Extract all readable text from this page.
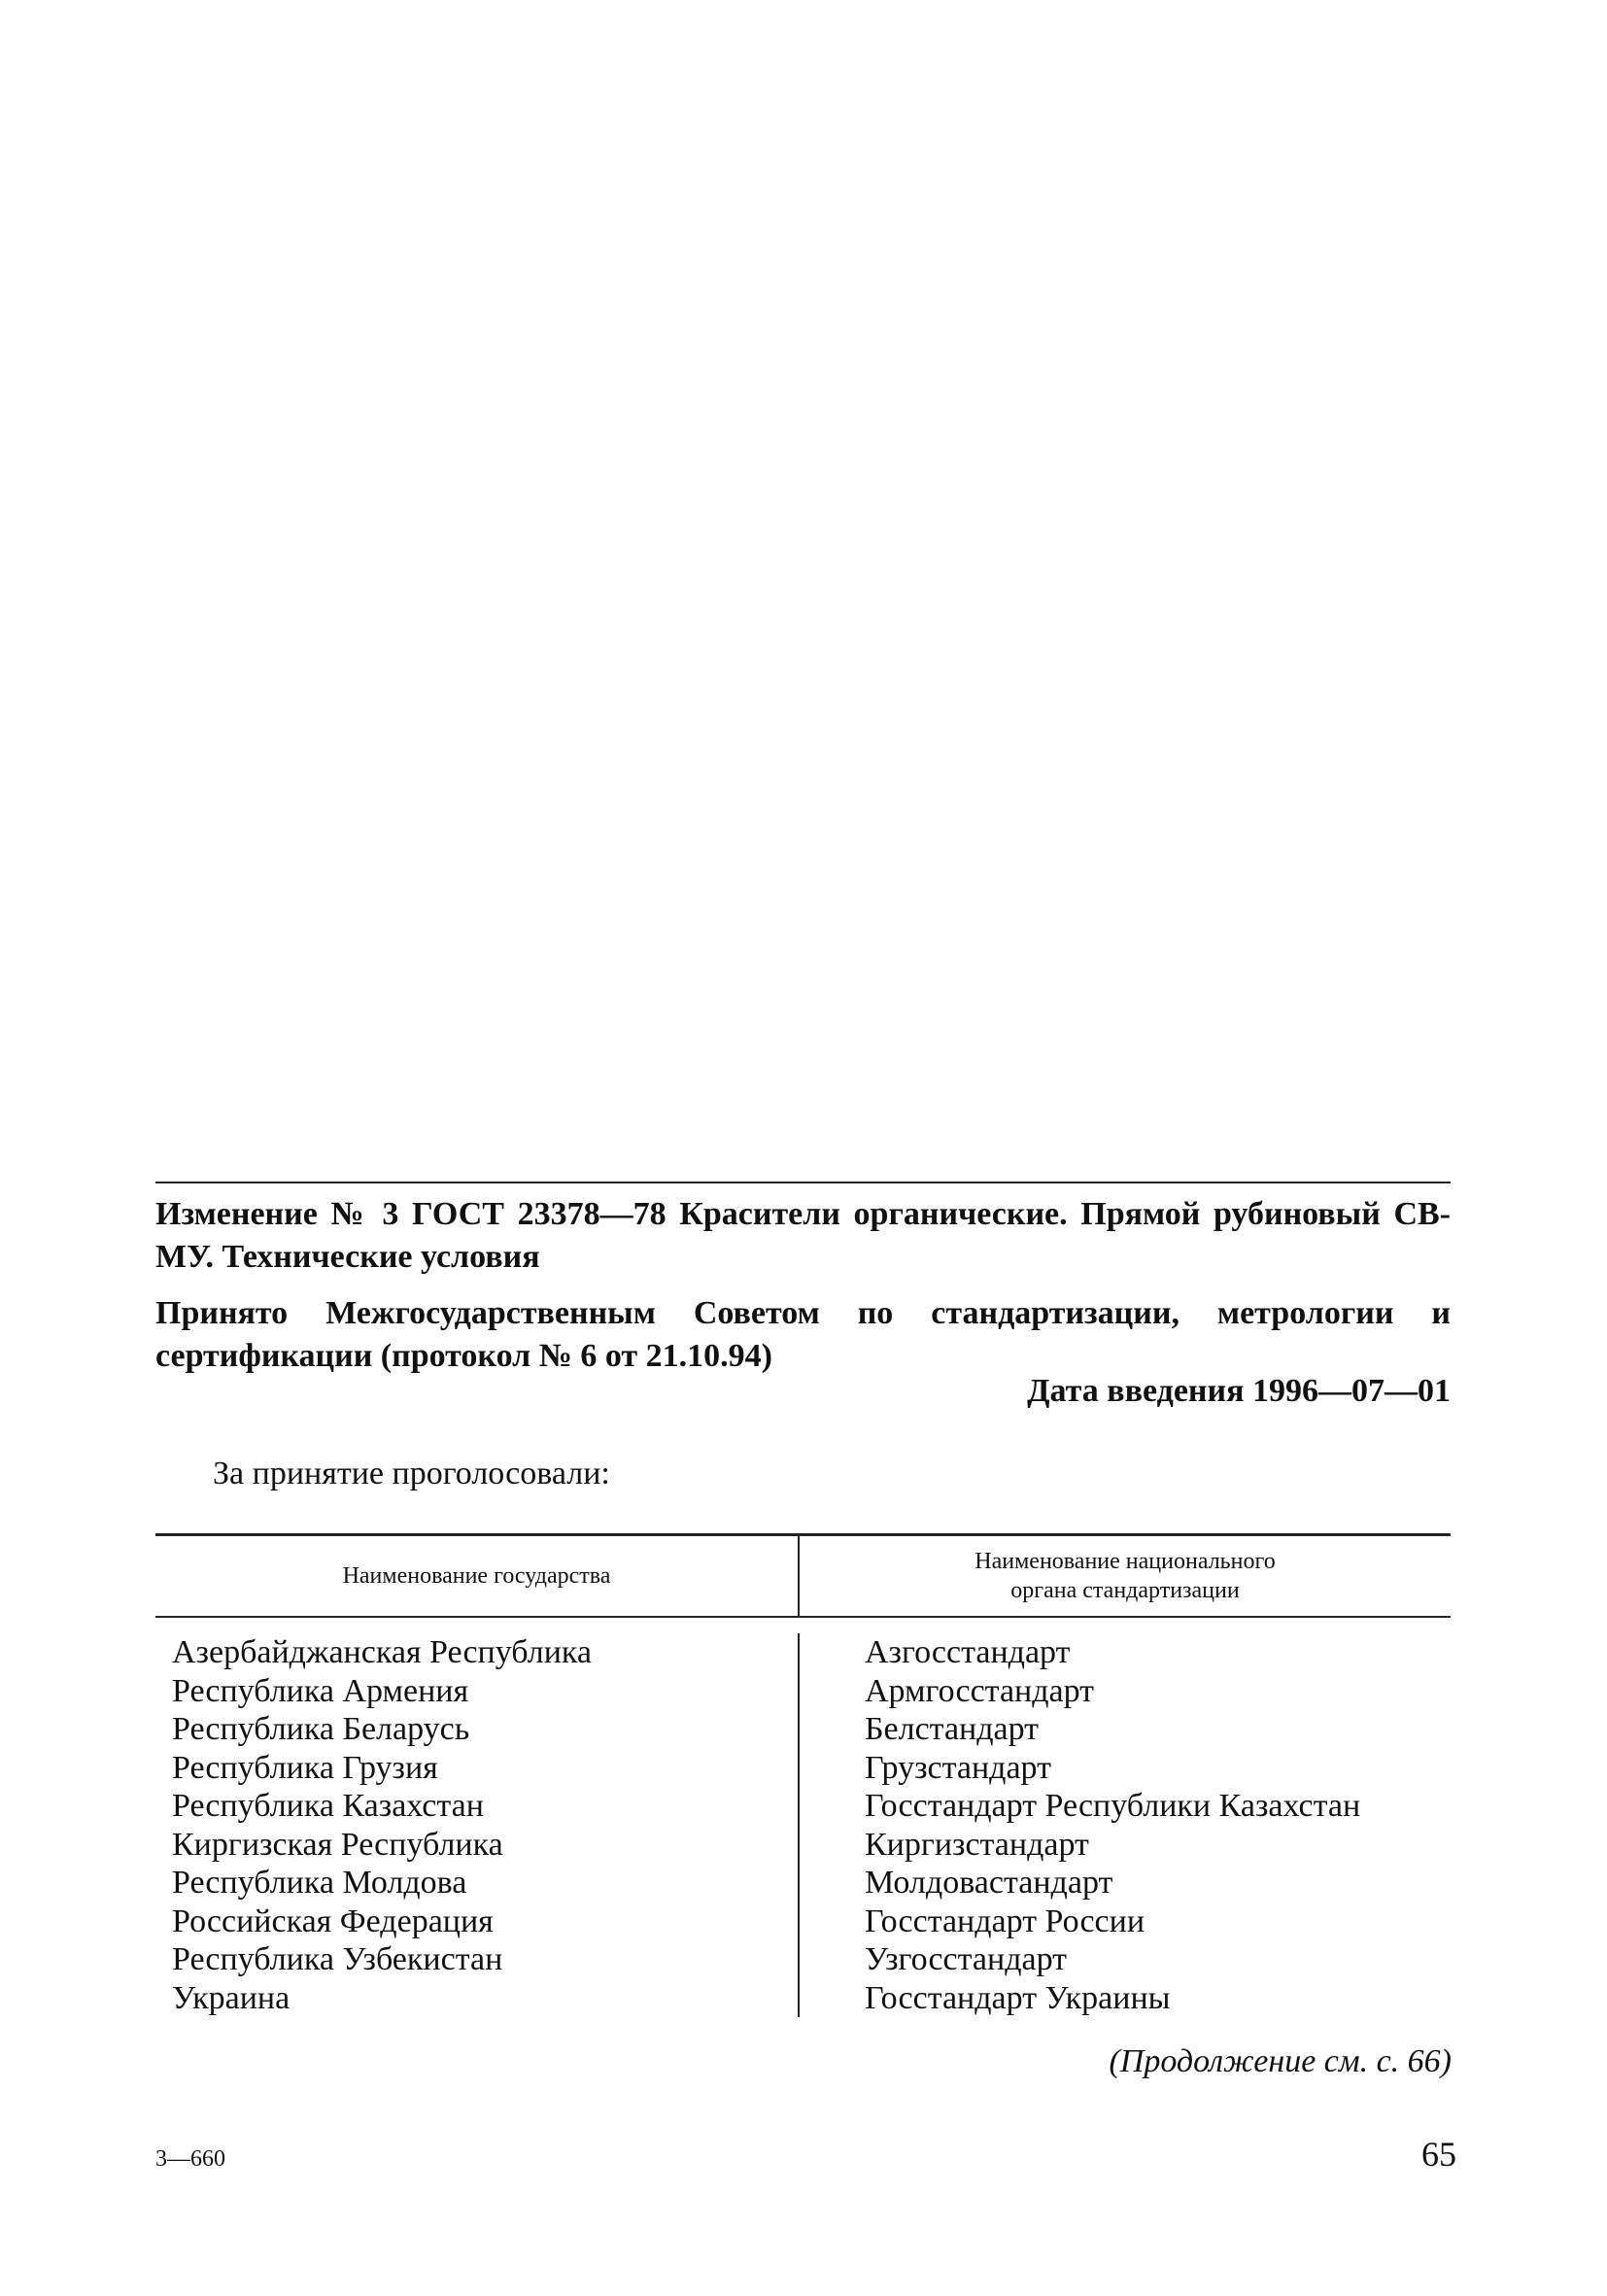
Изменение № 3 ГОСТ 23378—78 Красители органические. Прямой рубиновый СВ-МУ. Технические условия

Принято Межгосударственным Советом по стандартизации, метрологии и сертификации (протокол № 6 от 21.10.94)

Дата введения 1996—07—01
За принятие проголосовали:
Наименование государства
Наименование национального
органа стандартизации
Азербайджанская Республика
Республика Армения
Республика Беларусь
Республика Грузия
Республика Казахстан
Киргизская Республика
Республика Молдова
Российская Федерация
Республика Узбекистан
Украина
Азгосстандарт
Армгосстандарт
Белстандарт
Грузстандарт
Госстандарт Республики Казахстан
Киргизстандарт
Молдовастандарт
Госстандарт России
Узгосстандарт
Госстандарт Украины
(Продолжение см. с. 66)
3—660	65
